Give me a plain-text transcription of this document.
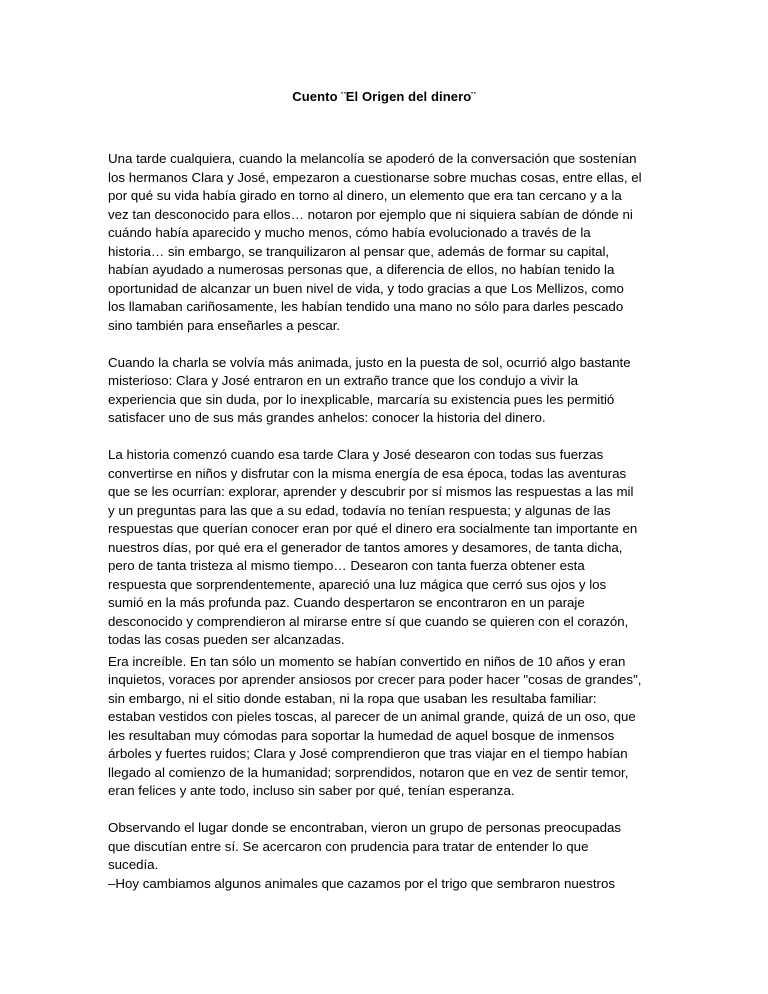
Cuento ¨El Origen del dinero¨

Una tarde cualquiera, cuando la melancolía se apoderó de la conversación que sostenían
los hermanos Clara y José, empezaron a cuestionarse sobre muchas cosas, entre ellas, el
por qué su vida había girado en torno al dinero, un elemento que era tan cercano y a la
vez tan desconocido para ellos… notaron por ejemplo que ni siquiera sabían de dónde ni
cuándo había aparecido y mucho menos, cómo había evolucionado a través de la
historia… sin embargo, se tranquilizaron al pensar que, además de formar su capital,
habían ayudado a numerosas personas que, a diferencia de ellos, no habían tenido la
oportunidad de alcanzar un buen nivel de vida, y todo gracias a que Los Mellizos, como
los llamaban cariñosamente, les habían tendido una mano no sólo para darles pescado
sino también para enseñarles a pescar.

Cuando la charla se volvía más animada, justo en la puesta de sol, ocurrió algo bastante
misterioso: Clara y José entraron en un extraño trance que los condujo a vivir la
experiencia que sin duda, por lo inexplicable, marcaría su existencia pues les permitió
satisfacer uno de sus más grandes anhelos: conocer la historia del dinero.

La historia comenzó cuando esa tarde Clara y José desearon con todas sus fuerzas
convertirse en niños y disfrutar con la misma energía de esa época, todas las aventuras
que se les ocurrían: explorar, aprender y descubrir por sí mismos las respuestas a las mil
y un preguntas para las que a su edad, todavía no tenían respuesta; y algunas de las
respuestas que querían conocer eran por qué el dinero era socialmente tan importante en
nuestros días, por qué era el generador de tantos amores y desamores, de tanta dicha,
pero de tanta tristeza al mismo tiempo… Desearon con tanta fuerza obtener esta
respuesta que sorprendentemente, apareció una luz mágica que cerró sus ojos y los
sumió en la más profunda paz. Cuando despertaron se encontraron en un paraje
desconocido y comprendieron al mirarse entre sí que cuando se quieren con el corazón,
todas las cosas pueden ser alcanzadas.

Era increíble. En tan sólo un momento se habían convertido en niños de 10 años y eran
inquietos, voraces por aprender ansiosos por crecer para poder hacer "cosas de grandes",
sin embargo, ni el sitio donde estaban, ni la ropa que usaban les resultaba familiar:
estaban vestidos con pieles toscas, al parecer de un animal grande, quizá de un oso, que
les resultaban muy cómodas para soportar la humedad de aquel bosque de inmensos
árboles y fuertes ruidos; Clara y José comprendieron que tras viajar en el tiempo habían
llegado al comienzo de la humanidad; sorprendidos, notaron que en vez de sentir temor,
eran felices y ante todo, incluso sin saber por qué, tenían esperanza.

Observando el lugar donde se encontraban, vieron un grupo de personas preocupadas
que discutían entre sí. Se acercaron con prudencia para tratar de entender lo que
sucedía.
–Hoy cambiamos algunos animales que cazamos por el trigo que sembraron nuestros
